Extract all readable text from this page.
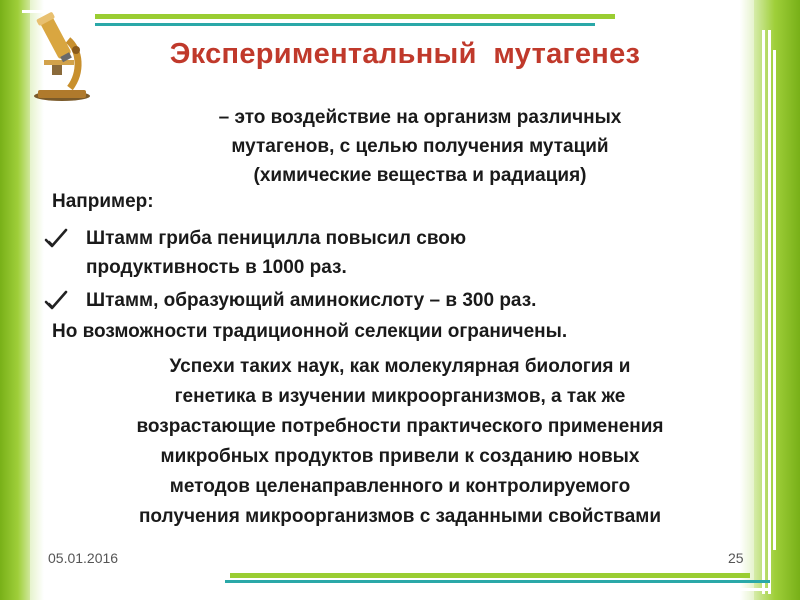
Экспериментальный  мутагенез
– это воздействие на организм различных
мутагенов, с целью получения мутаций
(химические вещества и радиация)
Например:
Штамм гриба пеницилла повысил свою
продуктивность в 1000 раз.
Штамм, образующий аминокислоту – в 300 раз.
Но возможности традиционной селекции ограничены.
Успехи таких наук, как молекулярная биология и
генетика в изучении микроорганизмов, а так же
возрастающие потребности практического применения
микробных продуктов привели к созданию новых
методов целенаправленного и контролируемого
получения микроорганизмов с заданными свойствами
05.01.2016	25
